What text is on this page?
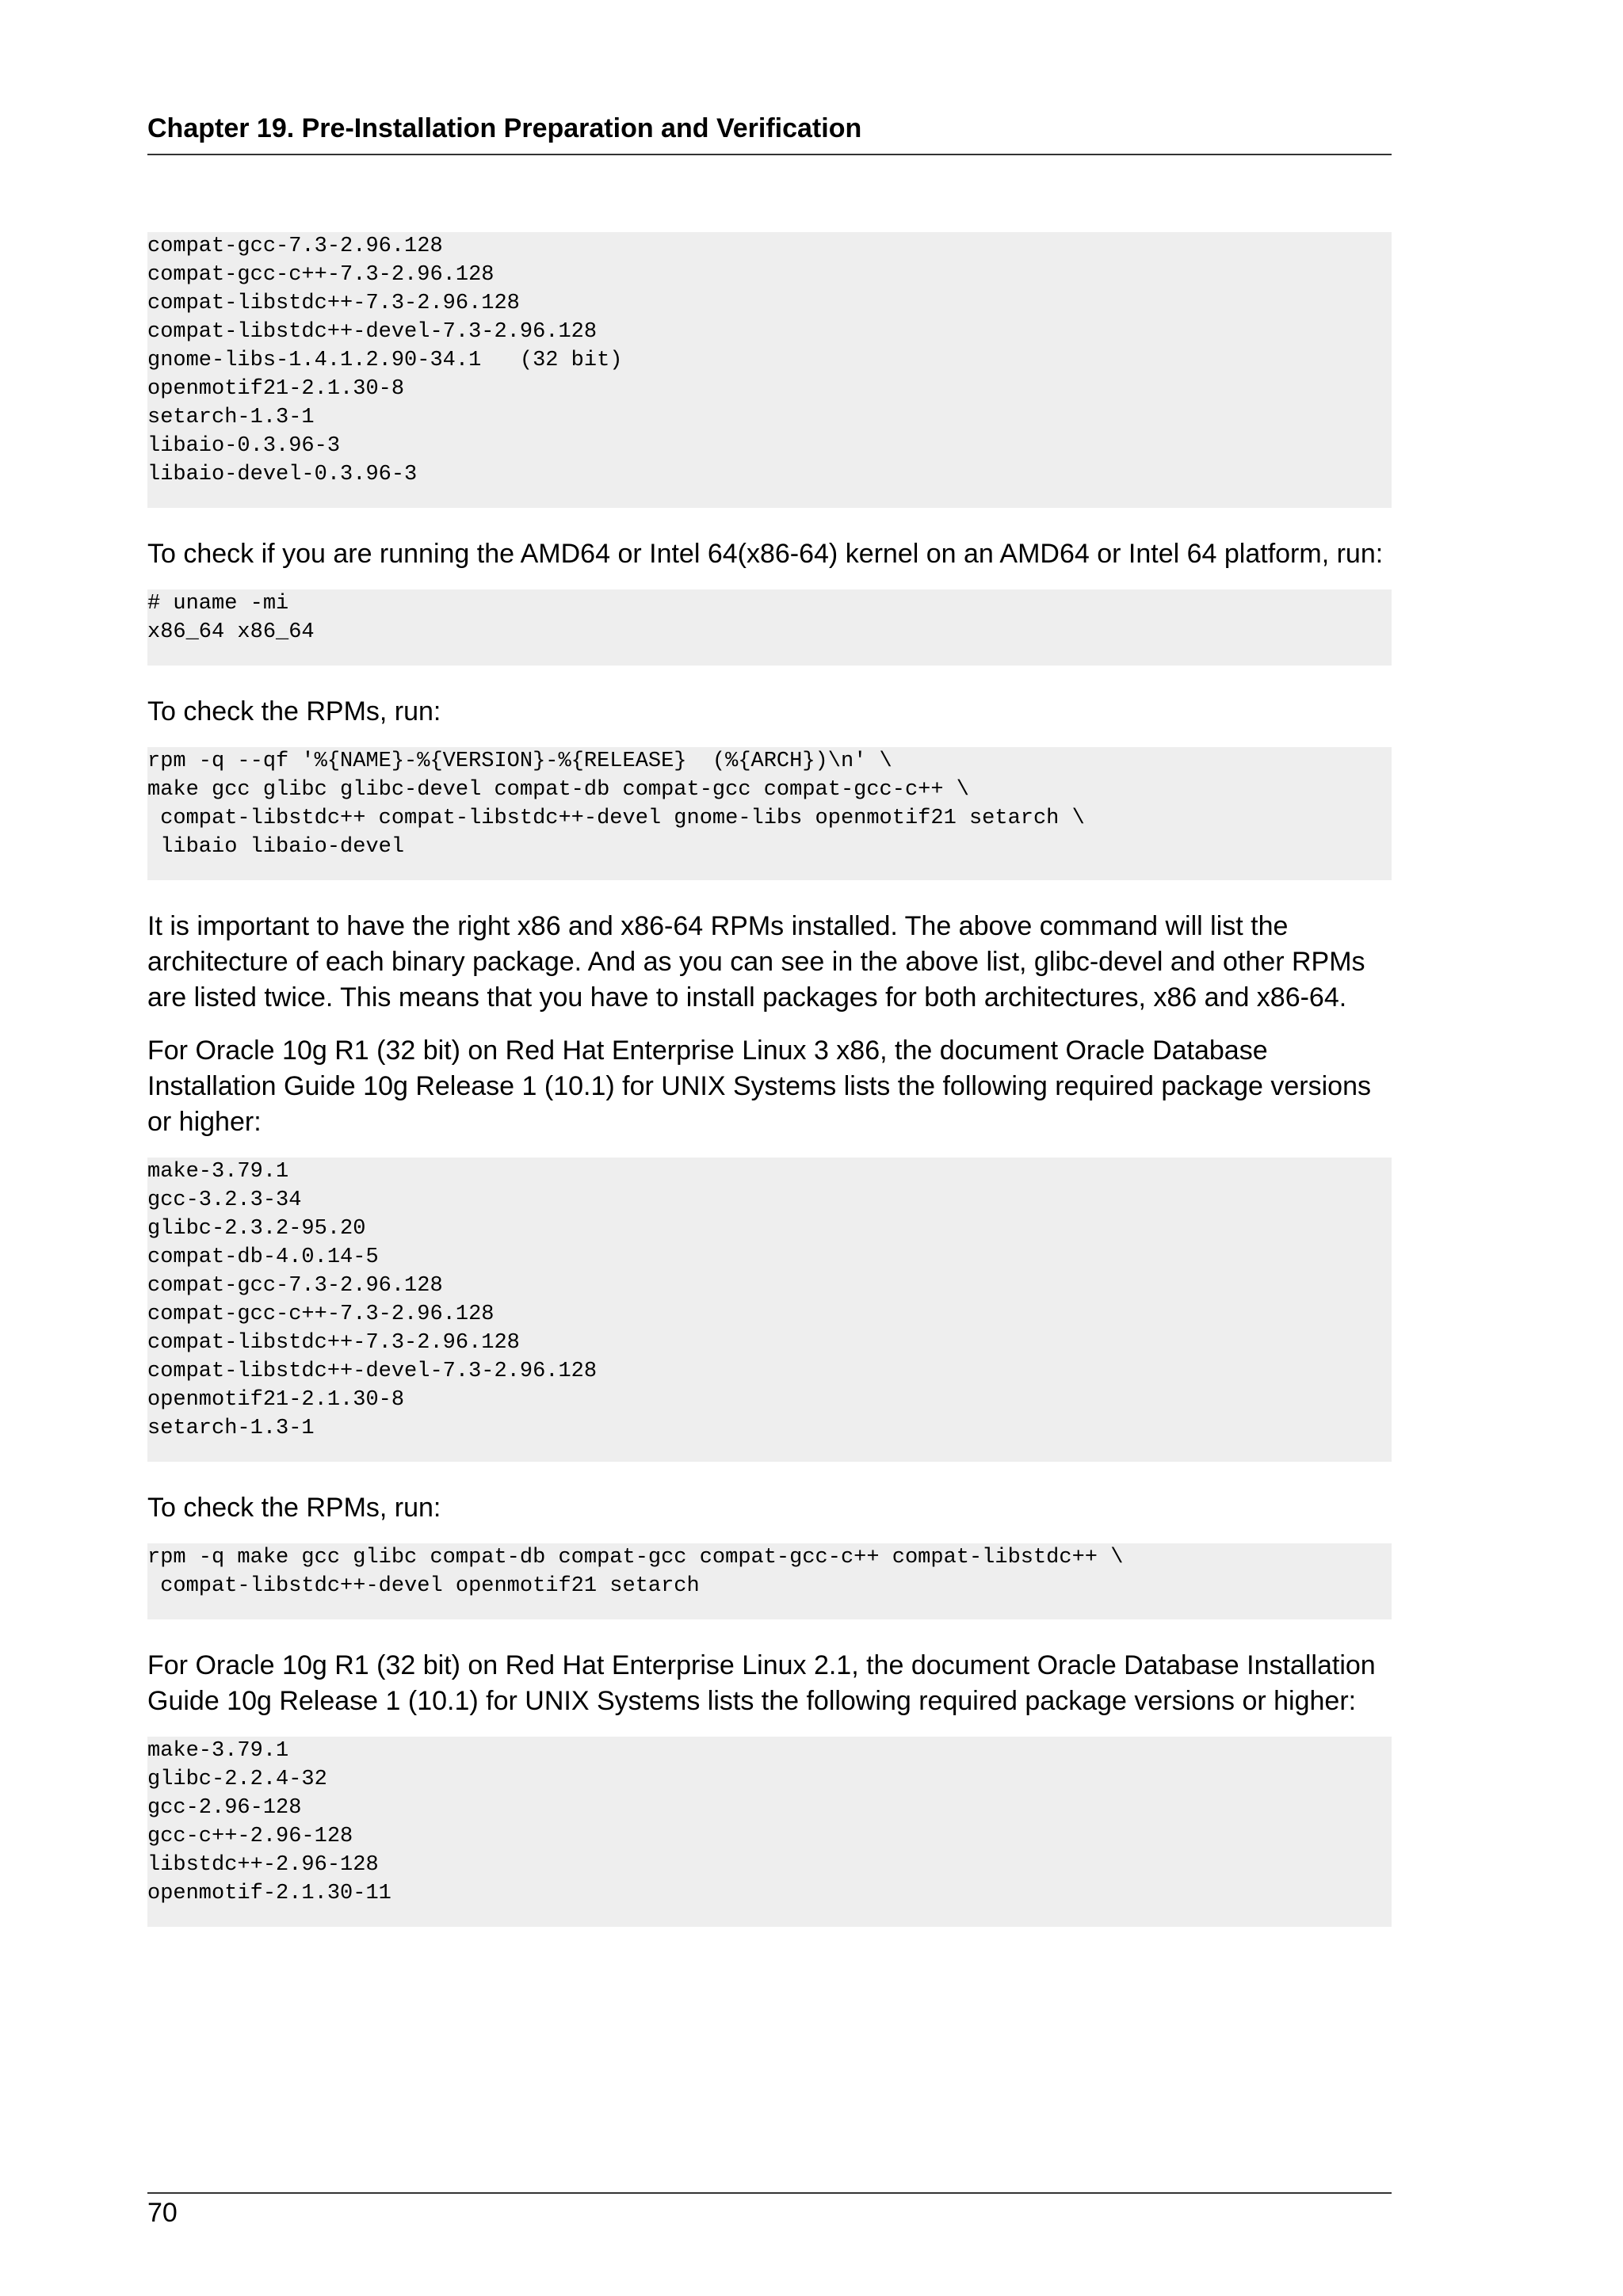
Chapter 19. Pre-Installation Preparation and Verification
compat-gcc-7.3-2.96.128
compat-gcc-c++-7.3-2.96.128
compat-libstdc++-7.3-2.96.128
compat-libstdc++-devel-7.3-2.96.128
gnome-libs-1.4.1.2.90-34.1   (32 bit)
openmotif21-2.1.30-8
setarch-1.3-1
libaio-0.3.96-3
libaio-devel-0.3.96-3

To check if you are running the AMD64 or Intel 64(x86-64) kernel on an AMD64 or Intel 64 platform, run:

# uname -mi
x86_64 x86_64

To check the RPMs, run:

rpm -q --qf '%{NAME}-%{VERSION}-%{RELEASE}  (%{ARCH})\n' \
make gcc glibc glibc-devel compat-db compat-gcc compat-gcc-c++ \
compat-libstdc++ compat-libstdc++-devel gnome-libs openmotif21 setarch \
libaio libaio-devel

It is important to have the right x86 and x86-64 RPMs installed. The above command will list the architecture of each binary package. And as you can see in the above list, glibc-devel and other RPMs are listed twice. This means that you have to install packages for both architectures, x86 and x86-64.

For Oracle 10g R1 (32 bit) on Red Hat Enterprise Linux 3 x86, the document Oracle Database Installation Guide 10g Release 1 (10.1) for UNIX Systems lists the following required package versions or higher:

make-3.79.1
gcc-3.2.3-34
glibc-2.3.2-95.20
compat-db-4.0.14-5
compat-gcc-7.3-2.96.128
compat-gcc-c++-7.3-2.96.128
compat-libstdc++-7.3-2.96.128
compat-libstdc++-devel-7.3-2.96.128
openmotif21-2.1.30-8
setarch-1.3-1

To check the RPMs, run:

rpm -q make gcc glibc compat-db compat-gcc compat-gcc-c++ compat-libstdc++ \
compat-libstdc++-devel openmotif21 setarch

For Oracle 10g R1 (32 bit) on Red Hat Enterprise Linux 2.1, the document Oracle Database Installation Guide 10g Release 1 (10.1) for UNIX Systems lists the following required package versions or higher:

make-3.79.1
glibc-2.2.4-32
gcc-2.96-128
gcc-c++-2.96-128
libstdc++-2.96-128
openmotif-2.1.30-11
70
